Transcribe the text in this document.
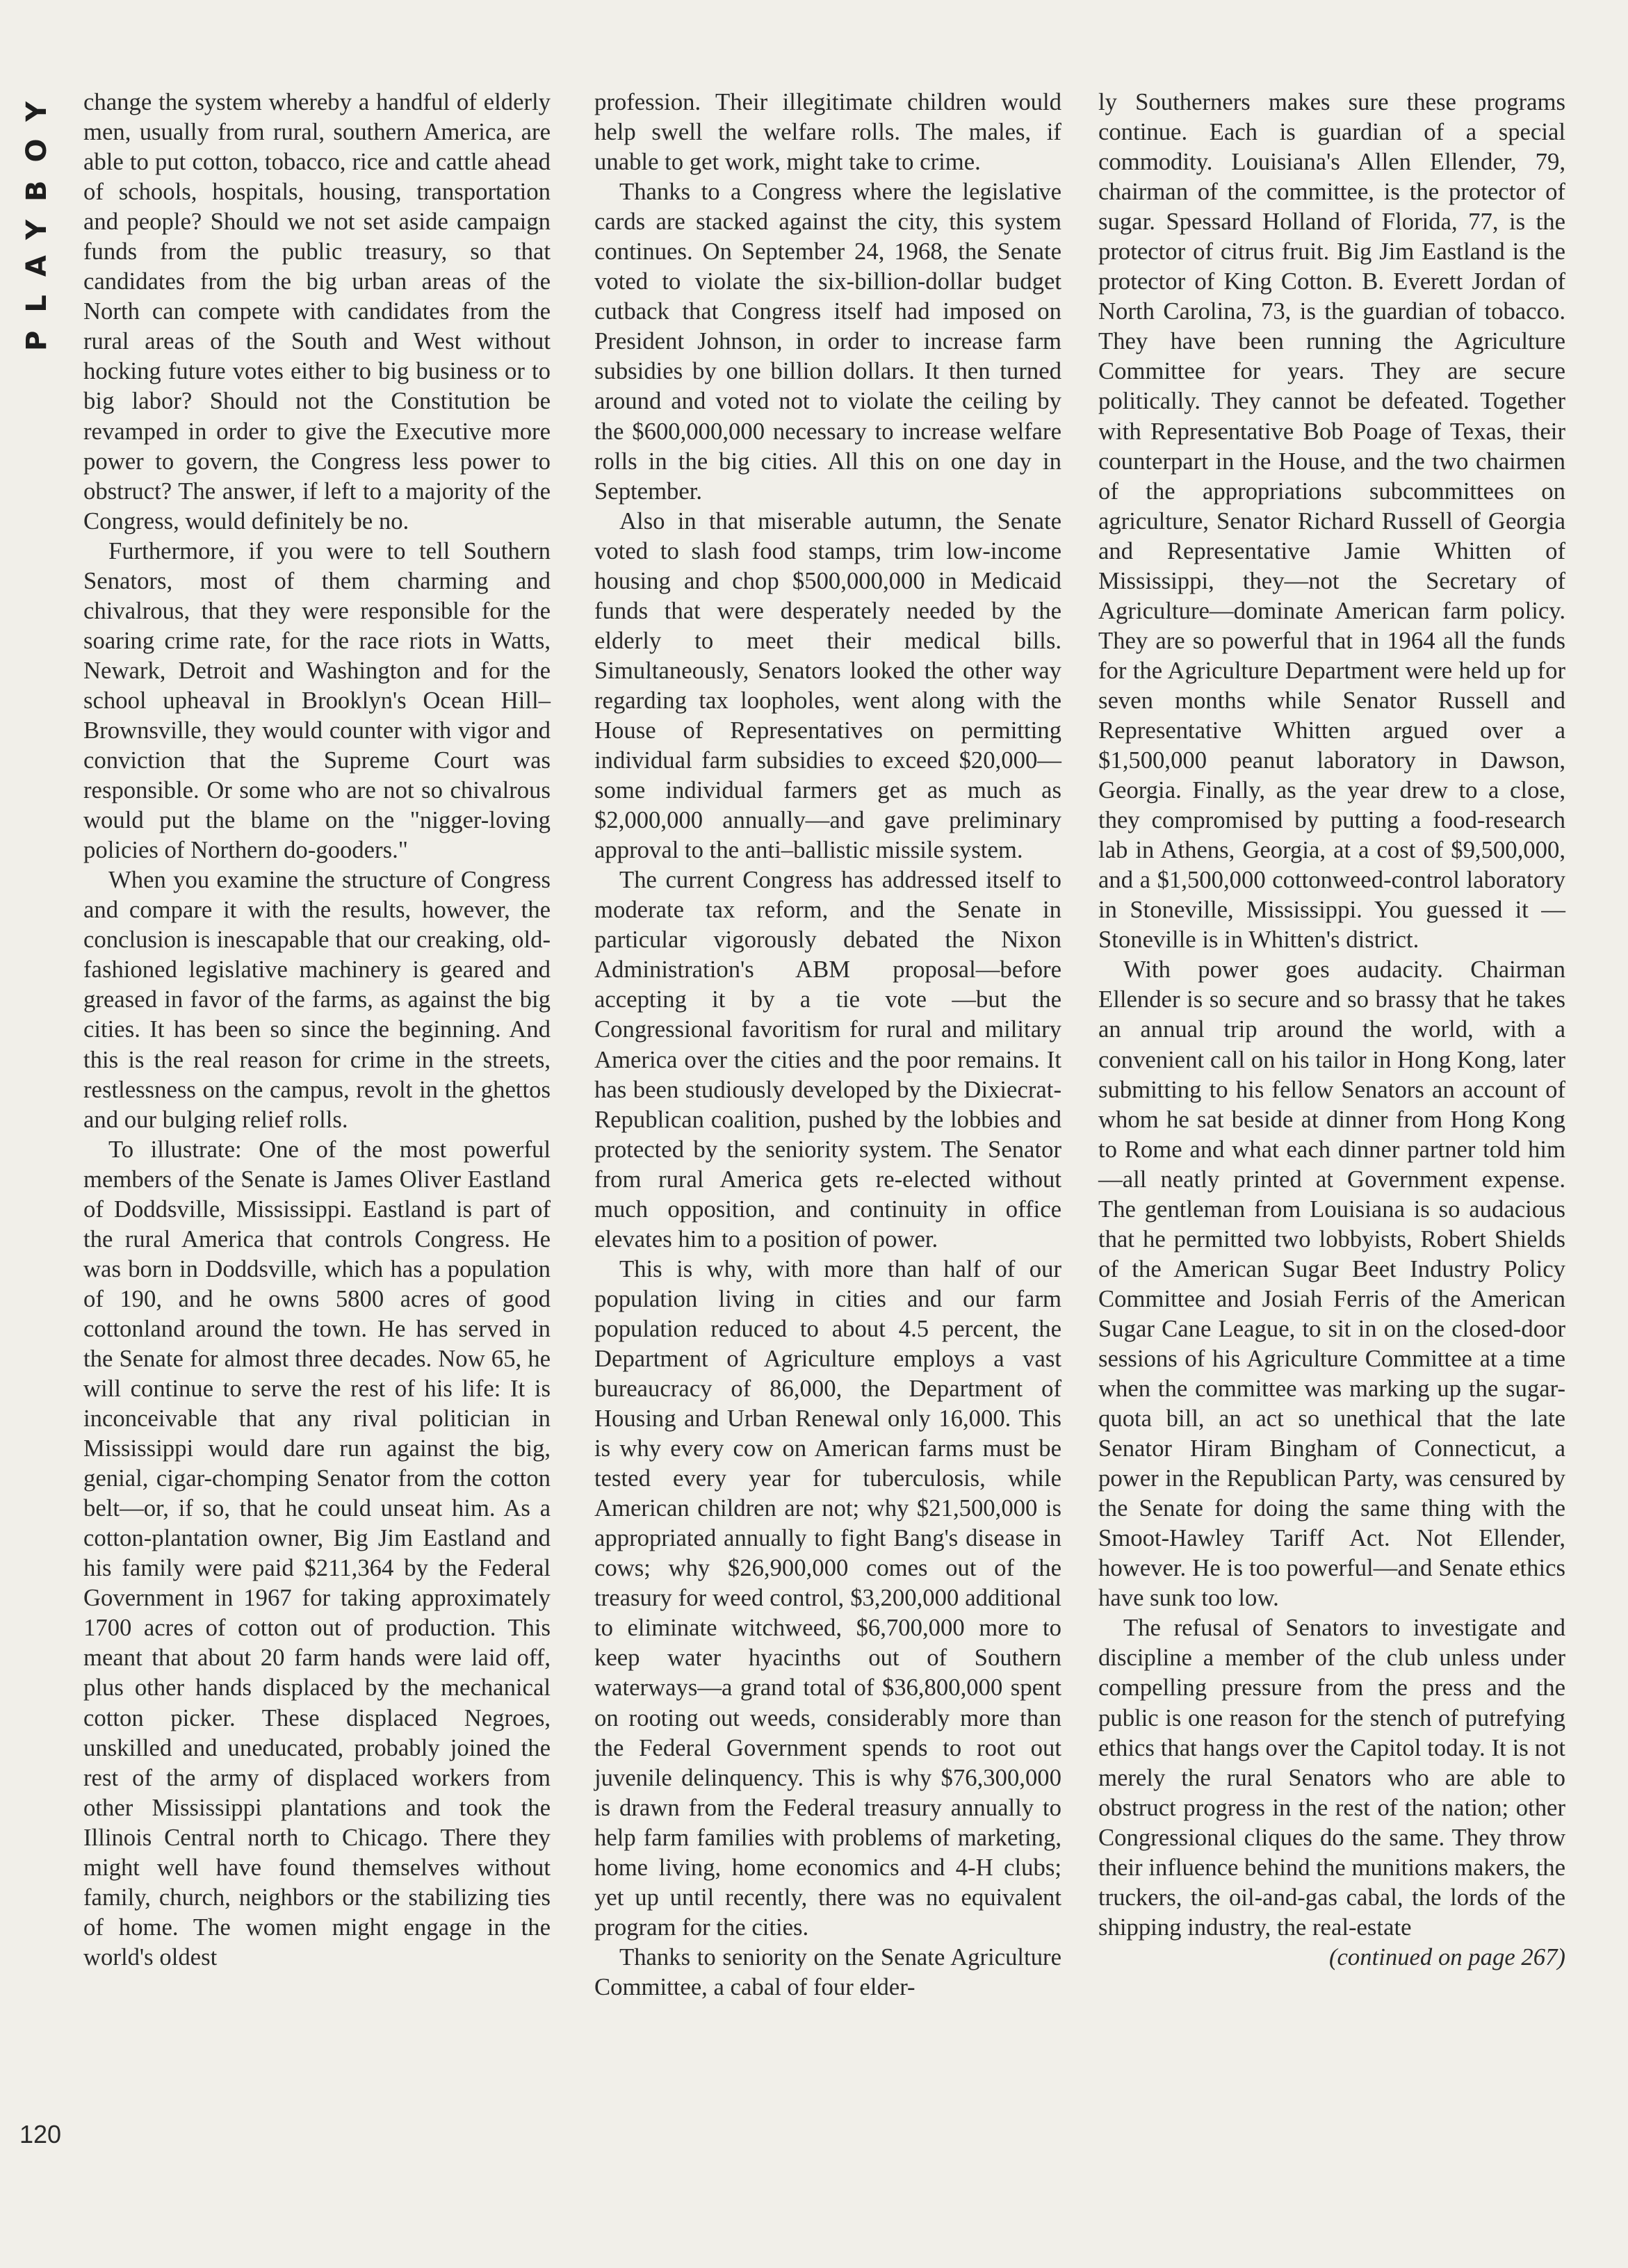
PLAYBOY
120

change the system whereby a handful of elderly men, usually from rural, southern America, are able to put cotton, tobacco, rice and cattle ahead of schools, hospitals, housing, transportation and people? Should we not set aside campaign funds from the public treasury, so that candidates from the big urban areas of the North can compete with candidates from the rural areas of the South and West without hocking future votes either to big business or to big labor? Should not the Constitution be revamped in order to give the Executive more power to govern, the Congress less power to obstruct? The answer, if left to a majority of the Congress, would definitely be no.

Furthermore, if you were to tell Southern Senators, most of them charming and chivalrous, that they were responsible for the soaring crime rate, for the race riots in Watts, Newark, Detroit and Washington and for the school upheaval in Brooklyn's Ocean Hill–Brownsville, they would counter with vigor and conviction that the Supreme Court was responsible. Or some who are not so chivalrous would put the blame on the "nigger-loving policies of Northern do-gooders."

When you examine the structure of Congress and compare it with the results, however, the conclusion is inescapable that our creaking, old-fashioned legislative machinery is geared and greased in favor of the farms, as against the big cities. It has been so since the beginning. And this is the real reason for crime in the streets, restlessness on the campus, revolt in the ghettos and our bulging relief rolls.

To illustrate: One of the most powerful members of the Senate is James Oliver Eastland of Doddsville, Mississippi. Eastland is part of the rural America that controls Congress. He was born in Doddsville, which has a population of 190, and he owns 5800 acres of good cottonland around the town. He has served in the Senate for almost three decades. Now 65, he will continue to serve the rest of his life: It is inconceivable that any rival politician in Mississippi would dare run against the big, genial, cigar-chomping Senator from the cotton belt—or, if so, that he could unseat him. As a cotton-plantation owner, Big Jim Eastland and his family were paid $211,364 by the Federal Government in 1967 for taking approximately 1700 acres of cotton out of production. This meant that about 20 farm hands were laid off, plus other hands displaced by the mechanical cotton picker. These displaced Negroes, unskilled and uneducated, probably joined the rest of the army of displaced workers from other Mississippi plantations and took the Illinois Central north to Chicago. There they might well have found themselves without family, church, neighbors or the stabilizing ties of home. The women might engage in the world's oldest

profession. Their illegitimate children would help swell the welfare rolls. The males, if unable to get work, might take to crime.

Thanks to a Congress where the legislative cards are stacked against the city, this system continues. On September 24, 1968, the Senate voted to violate the six-billion-dollar budget cutback that Congress itself had imposed on President Johnson, in order to increase farm subsidies by one billion dollars. It then turned around and voted not to violate the ceiling by the $600,000,000 necessary to increase welfare rolls in the big cities. All this on one day in September.

Also in that miserable autumn, the Senate voted to slash food stamps, trim low-income housing and chop $500,000,000 in Medicaid funds that were desperately needed by the elderly to meet their medical bills. Simultaneously, Senators looked the other way regarding tax loopholes, went along with the House of Representatives on permitting individual farm subsidies to exceed $20,000—some individual farmers get as much as $2,000,000 annually—and gave preliminary approval to the anti–ballistic missile system.

The current Congress has addressed itself to moderate tax reform, and the Senate in particular vigorously debated the Nixon Administration's ABM proposal—before accepting it by a tie vote —but the Congressional favoritism for rural and military America over the cities and the poor remains. It has been studiously developed by the Dixiecrat-Republican coalition, pushed by the lobbies and protected by the seniority system. The Senator from rural America gets re-elected without much opposition, and continuity in office elevates him to a position of power.

This is why, with more than half of our population living in cities and our farm population reduced to about 4.5 percent, the Department of Agriculture employs a vast bureaucracy of 86,000, the Department of Housing and Urban Renewal only 16,000. This is why every cow on American farms must be tested every year for tuberculosis, while American children are not; why $21,500,000 is appropriated annually to fight Bang's disease in cows; why $26,900,000 comes out of the treasury for weed control, $3,200,000 additional to eliminate witchweed, $6,700,000 more to keep water hyacinths out of Southern waterways—a grand total of $36,800,000 spent on rooting out weeds, considerably more than the Federal Government spends to root out juvenile delinquency. This is why $76,300,000 is drawn from the Federal treasury annually to help farm families with problems of marketing, home living, home economics and 4-H clubs; yet up until recently, there was no equivalent program for the cities.

Thanks to seniority on the Senate Agriculture Committee, a cabal of four elder-

ly Southerners makes sure these programs continue. Each is guardian of a special commodity. Louisiana's Allen Ellender, 79, chairman of the committee, is the protector of sugar. Spessard Holland of Florida, 77, is the protector of citrus fruit. Big Jim Eastland is the protector of King Cotton. B. Everett Jordan of North Carolina, 73, is the guardian of tobacco. They have been running the Agriculture Committee for years. They are secure politically. They cannot be defeated. Together with Representative Bob Poage of Texas, their counterpart in the House, and the two chairmen of the appropriations subcommittees on agriculture, Senator Richard Russell of Georgia and Representative Jamie Whitten of Mississippi, they—not the Secretary of Agriculture—dominate American farm policy. They are so powerful that in 1964 all the funds for the Agriculture Department were held up for seven months while Senator Russell and Representative Whitten argued over a $1,500,000 peanut laboratory in Dawson, Georgia. Finally, as the year drew to a close, they compromised by putting a food-research lab in Athens, Georgia, at a cost of $9,500,000, and a $1,500,000 cottonweed-control laboratory in Stoneville, Mississippi. You guessed it —Stoneville is in Whitten's district.

With power goes audacity. Chairman Ellender is so secure and so brassy that he takes an annual trip around the world, with a convenient call on his tailor in Hong Kong, later submitting to his fellow Senators an account of whom he sat beside at dinner from Hong Kong to Rome and what each dinner partner told him—all neatly printed at Government expense. The gentleman from Louisiana is so audacious that he permitted two lobbyists, Robert Shields of the American Sugar Beet Industry Policy Committee and Josiah Ferris of the American Sugar Cane League, to sit in on the closed-door sessions of his Agriculture Committee at a time when the committee was marking up the sugar-quota bill, an act so unethical that the late Senator Hiram Bingham of Connecticut, a power in the Republican Party, was censured by the Senate for doing the same thing with the Smoot-Hawley Tariff Act. Not Ellender, however. He is too powerful—and Senate ethics have sunk too low.

The refusal of Senators to investigate and discipline a member of the club unless under compelling pressure from the press and the public is one reason for the stench of putrefying ethics that hangs over the Capitol today. It is not merely the rural Senators who are able to obstruct progress in the rest of the nation; other Congressional cliques do the same. They throw their influence behind the munitions makers, the truckers, the oil-and-gas cabal, the lords of the shipping industry, the real-estate

(continued on page 267)
